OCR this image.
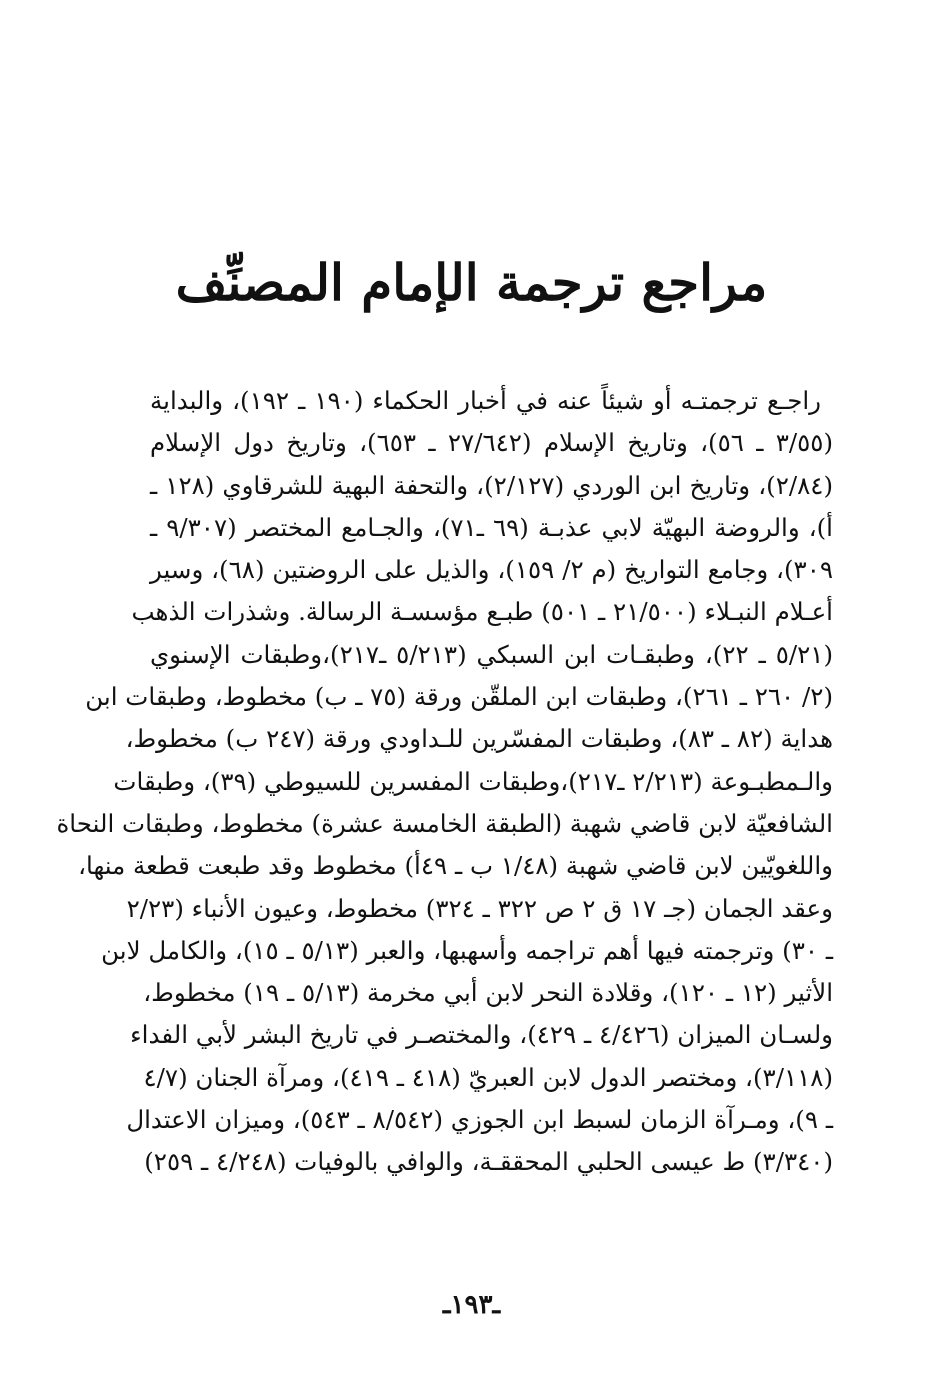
مراجع ترجمة الإمام المصنِّف
راجـع ترجمتـه أو شيئاً عنه في أخبار الحكماء (١٩٠ ـ ١٩٢)، والبداية
(٣/٥٥ ـ ٥٦)، وتاريخ الإسلام (٢٧/٦٤٢ ـ ٦٥٣)، وتاريخ دول الإسلام
(٢/٨٤)، وتاريخ ابن الوردي (٢/١٢٧)، والتحفة البهية للشرقاوي (١٢٨ ـ
أ)، والروضة البهيّة لابي عذبـة (٦٩ ـ٧١)، والجـامع المختصر (٩/٣٠٧ ـ
٣٠٩)، وجامع التواريخ (م ٢/ ١٥٩)، والذيل على الروضتين (٦٨)، وسير
أعـلام النبـلاء (٢١/٥٠٠ ـ ٥٠١) طبـع مؤسسـة الرسالة. وشذرات الذهب
(٥/٢١ ـ ٢٢)، وطبقـات ابن السبكي (٥/٢١٣ ـ٢١٧)،وطبقات الإسنوي
(٢/ ٢٦٠ ـ ٢٦١)، وطبقات ابن الملقّن ورقة (٧٥ ـ ب) مخطوط، وطبقات ابن
هداية (٨٢ ـ ٨٣)، وطبقات المفسّرين للـداودي ورقة (٢٤٧ ب) مخطوط،
والـمطبـوعة (٢/٢١٣ ـ٢١٧)،وطبقات المفسرين للسيوطي (٣٩)، وطبقات
الشافعيّة لابن قاضي شهبة (الطبقة الخامسة عشرة) مخطوط، وطبقات النحاة
واللغويّين لابن قاضي شهبة (١/٤٨ ب ـ ٤٩أ) مخطوط وقد طبعت قطعة منها،
وعقد الجمان (جـ ١٧ ق ٢ ص ٣٢٢ ـ ٣٢٤) مخطوط، وعيون الأنباء (٢/٢٣
ـ ٣٠) وترجمته فيها أهم تراجمه وأسهبها، والعبر (٥/١٣ ـ ١٥)، والكامل لابن
الأثير (١٢ ـ ١٢٠)، وقلادة النحر لابن أبي مخرمة (٥/١٣ ـ ١٩) مخطوط،
ولسـان الميزان (٤/٤٢٦ ـ ٤٢٩)، والمختصـر في تاريخ البشر لأبي الفداء
(٣/١١٨)، ومختصر الدول لابن العبريّ (٤١٨ ـ ٤١٩)، ومرآة الجنان (٤/٧
ـ ٩)، ومـرآة الزمان لسبط ابن الجوزي (٨/٥٤٢ ـ ٥٤٣)، وميزان الاعتدال
(٣/٣٤٠) ط عيسى الحلبي المحققـة، والوافي بالوفيات (٤/٢٤٨ ـ ٢٥٩)
ـ١٩٣ـ
